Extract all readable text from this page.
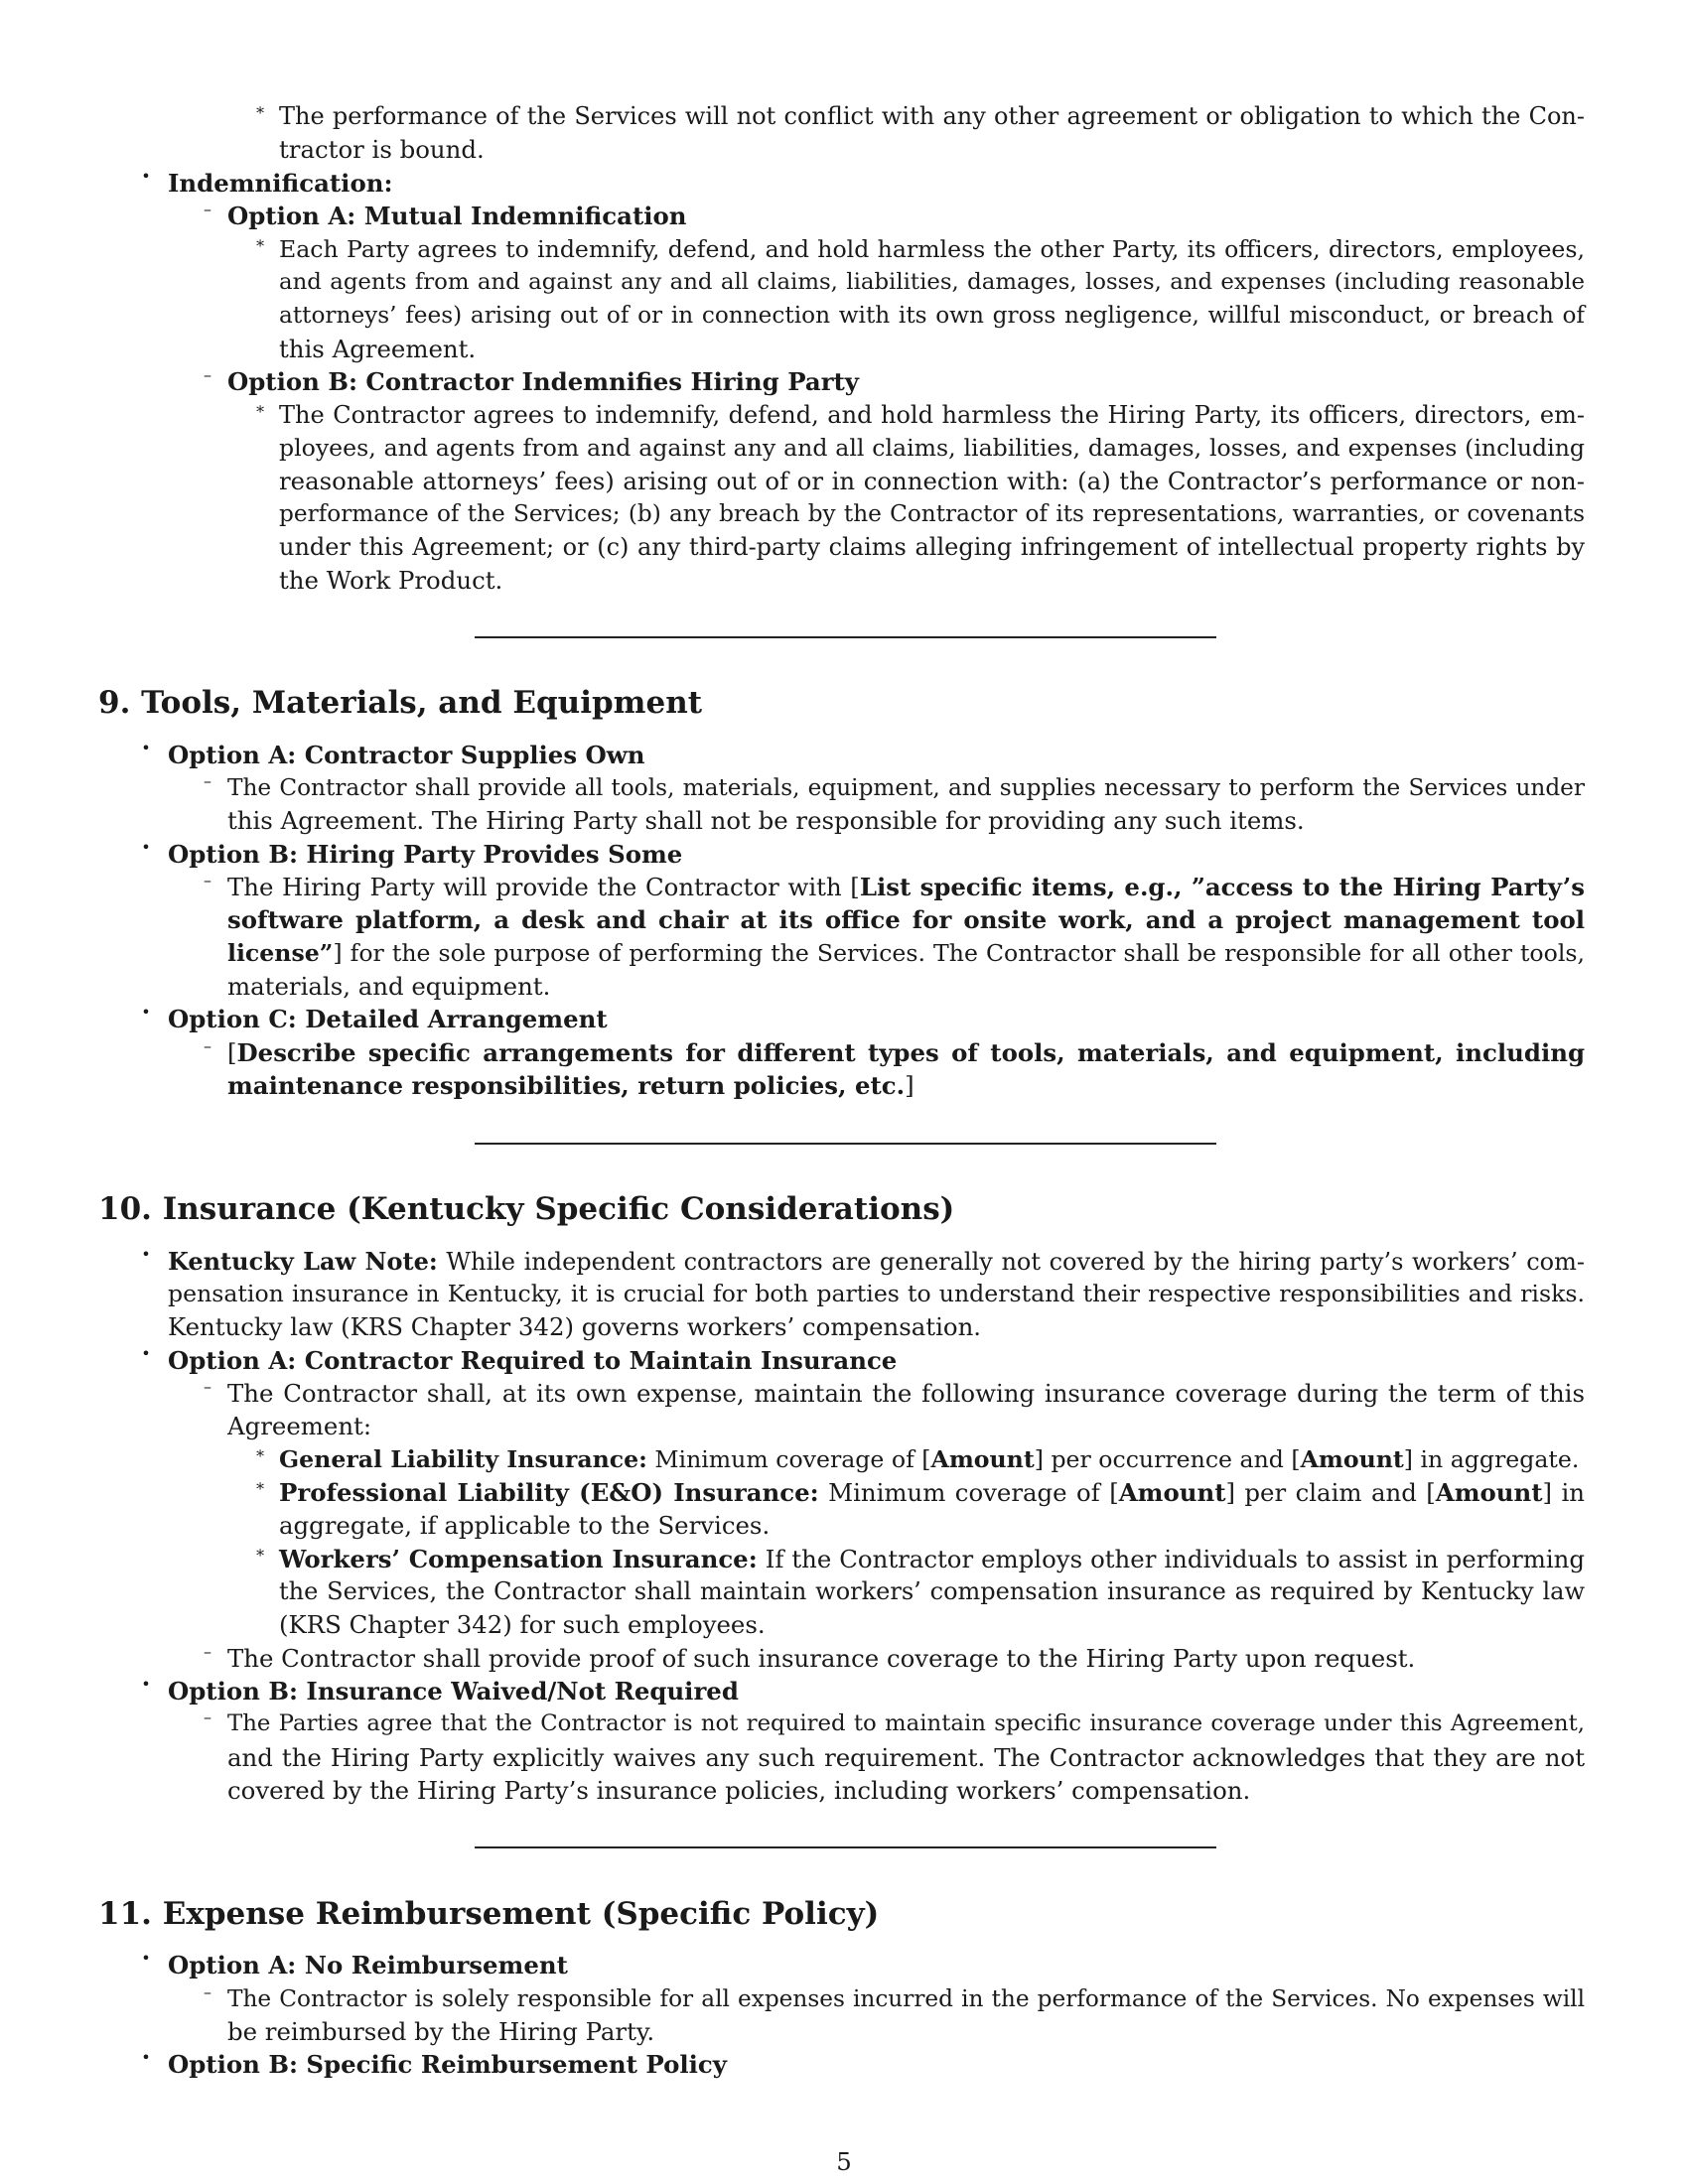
∗ The performance of the Services will not conflict with any other agreement or obligation to which the Con-

tractor is bound.

• Indemnification:

– Option A: Mutual Indemnification

∗ Each Party agrees to indemnify, defend, and hold harmless the other Party, its officers, directors, employees,

and agents from and against any and all claims, liabilities, damages, losses, and expenses (including reasonable

attorneys’ fees) arising out of or in connection with its own gross negligence, willful misconduct, or breach of

this Agreement.

– Option B: Contractor Indemnifies Hiring Party

∗ The Contractor agrees to indemnify, defend, and hold harmless the Hiring Party, its officers, directors, em-

ployees, and agents from and against any and all claims, liabilities, damages, losses, and expenses (including

reasonable attorneys’ fees) arising out of or in connection with: (a) the Contractor’s performance or non-

performance of the Services; (b) any breach by the Contractor of its representations, warranties, or covenants

under this Agreement; or (c) any third-party claims alleging infringement of intellectual property rights by

the Work Product.

9. Tools, Materials, and Equipment
• Option A: Contractor Supplies Own

– The Contractor shall provide all tools, materials, equipment, and supplies necessary to perform the Services under

this Agreement. The Hiring Party shall not be responsible for providing any such items.

• Option B: Hiring Party Provides Some

– The Hiring Party will provide the Contractor with [List specific items, e.g., ”access to the Hiring Party’s

software platform, a desk and chair at its office for onsite work, and a project management tool

license”] for the sole purpose of performing the Services. The Contractor shall be responsible for all other tools,

materials, and equipment.

• Option C: Detailed Arrangement

– [Describe specific arrangements for different types of tools, materials, and equipment, including

maintenance responsibilities, return policies, etc.]

10. Insurance (Kentucky Specific Considerations)
• Kentucky Law Note: While independent contractors are generally not covered by the hiring party’s workers’ com-

pensation insurance in Kentucky, it is crucial for both parties to understand their respective responsibilities and risks.

Kentucky law (KRS Chapter 342) governs workers’ compensation.

• Option A: Contractor Required to Maintain Insurance

– The Contractor shall, at its own expense, maintain the following insurance coverage during the term of this

Agreement:

∗ General Liability Insurance: Minimum coverage of [Amount] per occurrence and [Amount] in aggregate.

∗ Professional Liability (E&O) Insurance: Minimum coverage of [Amount] per claim and [Amount] in

aggregate, if applicable to the Services.

∗ Workers’ Compensation Insurance: If the Contractor employs other individuals to assist in performing

the Services, the Contractor shall maintain workers’ compensation insurance as required by Kentucky law

(KRS Chapter 342) for such employees.

– The Contractor shall provide proof of such insurance coverage to the Hiring Party upon request.

• Option B: Insurance Waived/Not Required

– The Parties agree that the Contractor is not required to maintain specific insurance coverage under this Agreement,

and the Hiring Party explicitly waives any such requirement. The Contractor acknowledges that they are not

covered by the Hiring Party’s insurance policies, including workers’ compensation.

11. Expense Reimbursement (Specific Policy)
• Option A: No Reimbursement

– The Contractor is solely responsible for all expenses incurred in the performance of the Services. No expenses will

be reimbursed by the Hiring Party.

• Option B: Specific Reimbursement Policy

5
